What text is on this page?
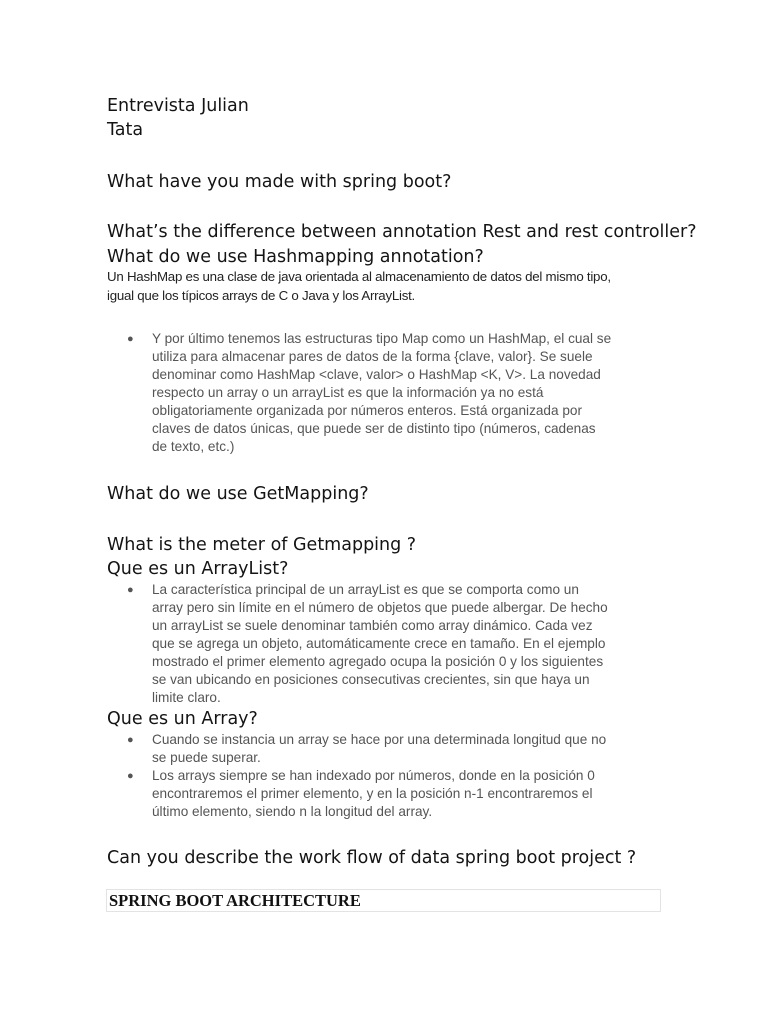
Entrevista Julian
Tata
What have you made with spring boot?
What’s the difference between annotation Rest and rest controller?
What do we use Hashmapping annotation?
Un HashMap es una clase de java orientada al almacenamiento de datos del mismo tipo,
igual que los típicos arrays de C o Java y los ArrayList.
● Y por último tenemos las estructuras tipo Map como un HashMap, el cual se
utiliza para almacenar pares de datos de la forma {clave, valor}. Se suele
denominar como HashMap <clave, valor> o HashMap <K, V>. La novedad
respecto un array o un arrayList es que la información ya no está
obligatoriamente organizada por números enteros. Está organizada por
claves de datos únicas, que puede ser de distinto tipo (números, cadenas
de texto, etc.)
What do we use GetMapping?
What is the meter of Getmapping ?
Que es un ArrayList?
● La característica principal de un arrayList es que se comporta como un
array pero sin límite en el número de objetos que puede albergar. De hecho
un arrayList se suele denominar también como array dinámico. Cada vez
que se agrega un objeto, automáticamente crece en tamaño. En el ejemplo
mostrado el primer elemento agregado ocupa la posición 0 y los siguientes
se van ubicando en posiciones consecutivas crecientes, sin que haya un
limite claro.
Que es un Array?
● Cuando se instancia un array se hace por una determinada longitud que no
se puede superar.
● Los arrays siempre se han indexado por números, donde en la posición 0
encontraremos el primer elemento, y en la posición n-1 encontraremos el
último elemento, siendo n la longitud del array.
Can you describe the work flow of data spring boot project ?
SPRING BOOT ARCHITECTURE
